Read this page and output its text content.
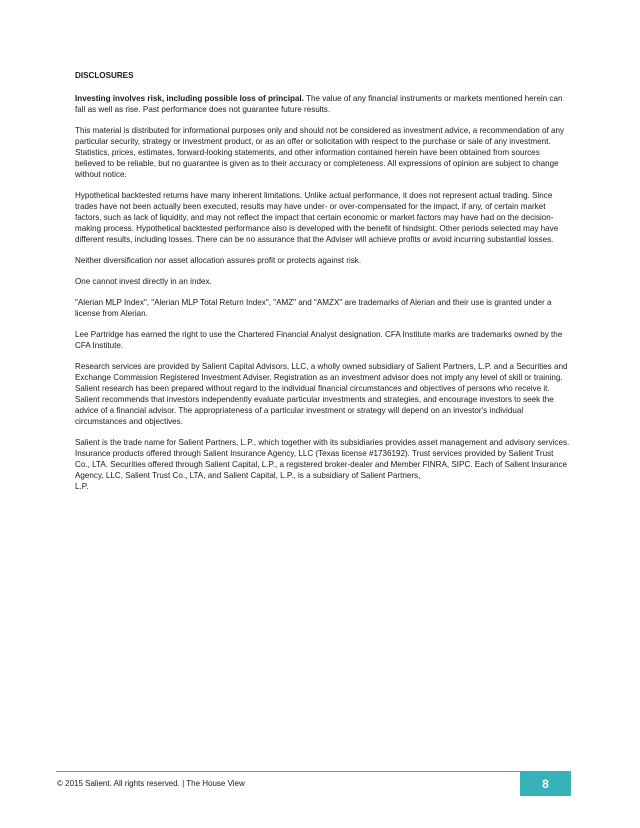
DISCLOSURES

Investing involves risk, including possible loss of principal. The value of any financial instruments or markets mentioned herein can fall as well as rise. Past performance does not guarantee future results.

This material is distributed for informational purposes only and should not be considered as investment advice, a recommendation of any particular security, strategy or investment product, or as an offer or solicitation with respect to the purchase or sale of any investment. Statistics, prices, estimates, forward-looking statements, and other information contained herein have been obtained from sources believed to be reliable, but no guarantee is given as to their accuracy or completeness. All expressions of opinion are subject to change without notice.

Hypothetical backtested returns have many inherent limitations. Unlike actual performance, it does not represent actual trading. Since trades have not been actually been executed, results may have under- or over-compensated for the impact, if any, of certain market factors, such as lack of liquidity, and may not reflect the impact that certain economic or market factors may have had on the decision-making process. Hypothetical backtested performance also is developed with the benefit of hindsight. Other periods selected may have different results, including losses. There can be no assurance that the Adviser will achieve profits or avoid incurring substantial losses.

Neither diversification nor asset allocation assures profit or protects against risk.

One cannot invest directly in an index.

"Alerian MLP Index", "Alerian MLP Total Return Index", "AMZ" and "AMZX" are trademarks of Alerian and their use is granted under a license from Alerian.

Lee Partridge has earned the right to use the Chartered Financial Analyst designation. CFA Institute marks are trademarks owned by the CFA Institute.

Research services are provided by Salient Capital Advisors, LLC, a wholly owned subsidiary of Salient Partners, L.P. and a Securities and Exchange Commission Registered Investment Adviser. Registration as an investment advisor does not imply any level of skill or training. Salient research has been prepared without regard to the individual financial circumstances and objectives of persons who receive it. Salient recommends that investors independently evaluate particular investments and strategies, and encourage investors to seek the advice of a financial advisor. The appropriateness of a particular investment or strategy will depend on an investor's individual circumstances and objectives.

Salient is the trade name for Salient Partners, L.P., which together with its subsidiaries provides asset management and advisory services. Insurance products offered through Salient Insurance Agency, LLC (Texas license #1736192). Trust services provided by Salient Trust Co., LTA. Securities offered through Salient Capital, L.P., a registered broker-dealer and Member FINRA, SIPC. Each of Salient Insurance Agency, LLC, Salient Trust Co., LTA, and Salient Capital, L.P., is a subsidiary of Salient Partners,

L.P.
© 2015 Salient. All rights reserved. | The House View	8
